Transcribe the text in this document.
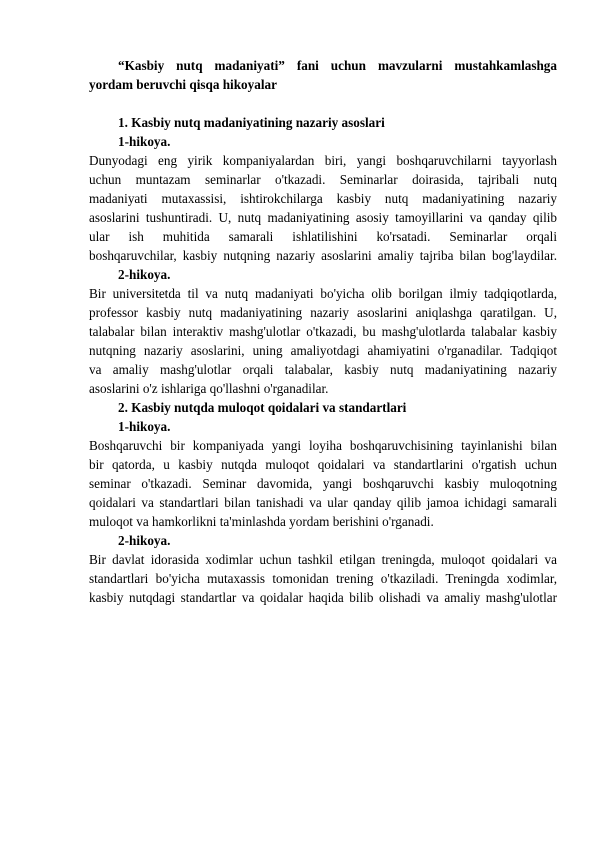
“Kasbiy nutq madaniyati” fani uchun mavzularni mustahkamlashga
yordam beruvchi qisqa hikoyalar
1. Kasbiy nutq madaniyatining nazariy asoslari
1-hikoya.
Dunyodagi eng yirik kompaniyalardan biri, yangi boshqaruvchilarni tayyorlash
uchun muntazam seminarlar o'tkazadi. Seminarlar doirasida, tajribali nutq
madaniyati mutaxassisi, ishtirokchilarga kasbiy nutq madaniyatining nazariy
asoslarini tushuntiradi. U, nutq madaniyatining asosiy tamoyillarini va qanday qilib
ular ish muhitida samarali ishlatilishini ko'rsatadi. Seminarlar orqali
boshqaruvchilar, kasbiy nutqning nazariy asoslarini amaliy tajriba bilan bog'laydilar.
2-hikoya.
Bir universitetda til va nutq madaniyati bo'yicha olib borilgan ilmiy tadqiqotlarda,
professor kasbiy nutq madaniyatining nazariy asoslarini aniqlashga qaratilgan. U,
talabalar bilan interaktiv mashg'ulotlar o'tkazadi, bu mashg'ulotlarda talabalar kasbiy
nutqning nazariy asoslarini, uning amaliyotdagi ahamiyatini o'rganadilar. Tadqiqot
va amaliy mashg'ulotlar orqali talabalar, kasbiy nutq madaniyatining nazariy
asoslarini o'z ishlariga qo'llashni o'rganadilar.
2. Kasbiy nutqda muloqot qoidalari va standartlari
1-hikoya.
Boshqaruvchi bir kompaniyada yangi loyiha boshqaruvchisining tayinlanishi bilan
bir qatorda, u kasbiy nutqda muloqot qoidalari va standartlarini o'rgatish uchun
seminar o'tkazadi. Seminar davomida, yangi boshqaruvchi kasbiy muloqotning
qoidalari va standartlari bilan tanishadi va ular qanday qilib jamoa ichidagi samarali
muloqot va hamkorlikni ta'minlashda yordam berishini o'rganadi.
2-hikoya.
Bir davlat idorasida xodimlar uchun tashkil etilgan treningda, muloqot qoidalari va
standartlari bo'yicha mutaxassis tomonidan trening o'tkaziladi. Treningda xodimlar,
kasbiy nutqdagi standartlar va qoidalar haqida bilib olishadi va amaliy mashg'ulotlar
